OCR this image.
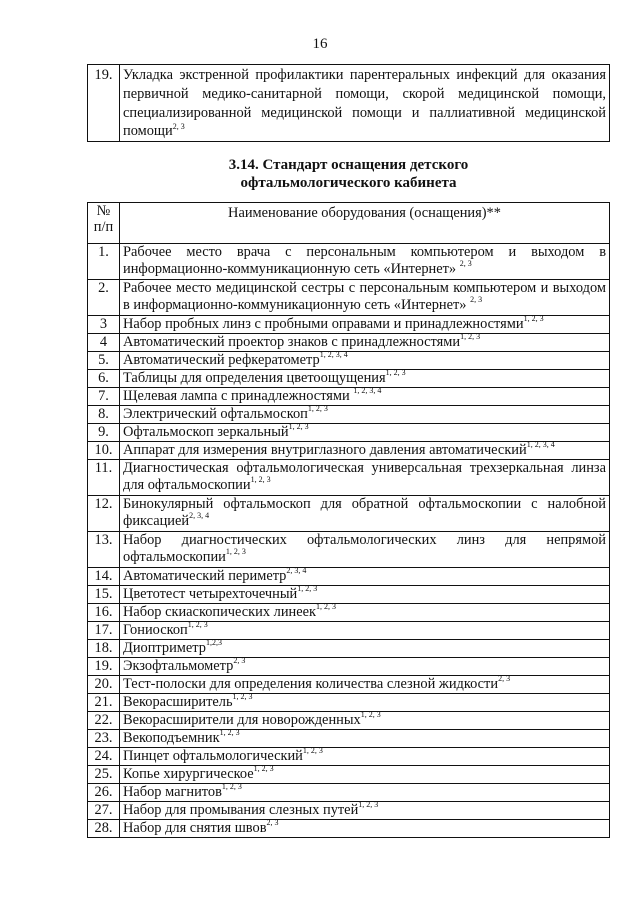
16
19.	Укладка экстренной профилактики парентеральных инфекций для оказания первичной медико-санитарной помощи, скорой медицинской помощи, специализированной медицинской помощи и паллиативной медицинской помощи$^{2, 3}$
3.14. Стандарт оснащения детского
офтальмологического кабинета
№
п/п	Наименование оборудования (оснащения)**
1.	Рабочее место врача с персональным компьютером и выходом в информационно-коммуникационную сеть «Интернет» $^{2, 3}$
2.	Рабочее место медицинской сестры с персональным компьютером и выходом в информационно-коммуникационную сеть «Интернет» $^{2, 3}$
3	Набор пробных линз с пробными оправами и принадлежностями$^{1, 2, 3}$
4	Автоматический проектор знаков с принадлежностями$^{1, 2, 3}$
5.	Автоматический рефкератометр$^{1, 2, 3, 4}$
6.	Таблицы для определения цветоощущения$^{1, 2, 3}$
7.	Щелевая лампа с принадлежностями $^{1, 2, 3, 4}$
8.	Электрический офтальмоскоп$^{1, 2, 3}$
9.	Офтальмоскоп зеркальный$^{1, 2, 3}$
10.	Аппарат для измерения внутриглазного давления автоматический$^{1, 2, 3, 4}$
11.	Диагностическая офтальмологическая универсальная трехзеркальная линза для офтальмоскопии$^{1, 2, 3}$
12.	Бинокулярный офтальмоскоп для обратной офтальмоскопии с налобной фиксацией$^{2, 3, 4}$
13.	Набор диагностических офтальмологических линз для непрямой офтальмоскопии$^{1, 2, 3}$
14.	Автоматический периметр$^{2, 3, 4}$
15.	Цветотест четырехточечный$^{1, 2, 3}$
16.	Набор скиаскопических линеек$^{1, 2, 3}$
17.	Гониоскоп$^{1, 2, 3}$
18.	Диоптриметр$^{1,2,3}$
19.	Экзофтальмометр$^{2, 3}$
20.	Тест-полоски для определения количества слезной жидкости$^{2, 3}$
21.	Векорасширитель$^{1, 2, 3}$
22.	Векорасширители для новорожденных$^{1, 2, 3}$
23.	Векоподъемник$^{1, 2, 3}$
24.	Пинцет офтальмологический$^{1, 2, 3}$
25.	Копье хирургическое$^{1, 2, 3}$
26.	Набор магнитов$^{1, 2, 3}$
27.	Набор для промывания слезных путей$^{1, 2, 3}$
28.	Набор для снятия швов$^{2, 3}$
